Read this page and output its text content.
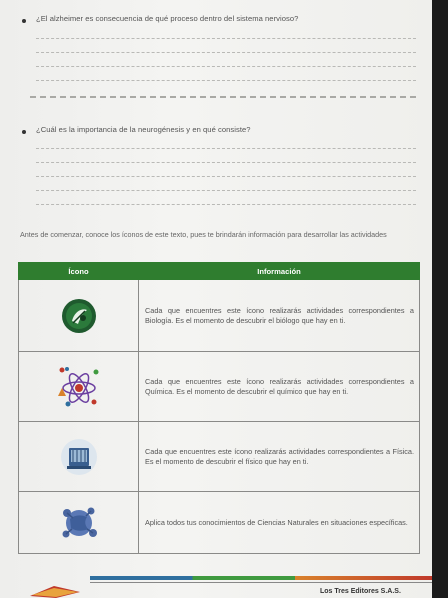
¿El alzheimer es consecuencia de qué proceso dentro del sistema nervioso?
¿Cuál es la importancia de la neurogénesis y en qué consiste?
Antes de comenzar, conoce los íconos de este texto, pues te brindarán información para desarrollar las actividades
Ícono	Información
	Cada que encuentres este ícono realizarás actividades correspondientes a Biología. Es el momento de descubrir el biólogo que hay en ti.
	Cada que encuentres este ícono realizarás actividades correspondientes a Química. Es el momento de descubrir el químico que hay en ti.
	Cada que encuentres este ícono realizarás actividades correspondientes a Física. Es el momento de descubrir el físico que hay en ti.
	Aplica todos tus conocimientos de Ciencias Naturales en situaciones específicas.
Los Tres Editores S.A.S.
